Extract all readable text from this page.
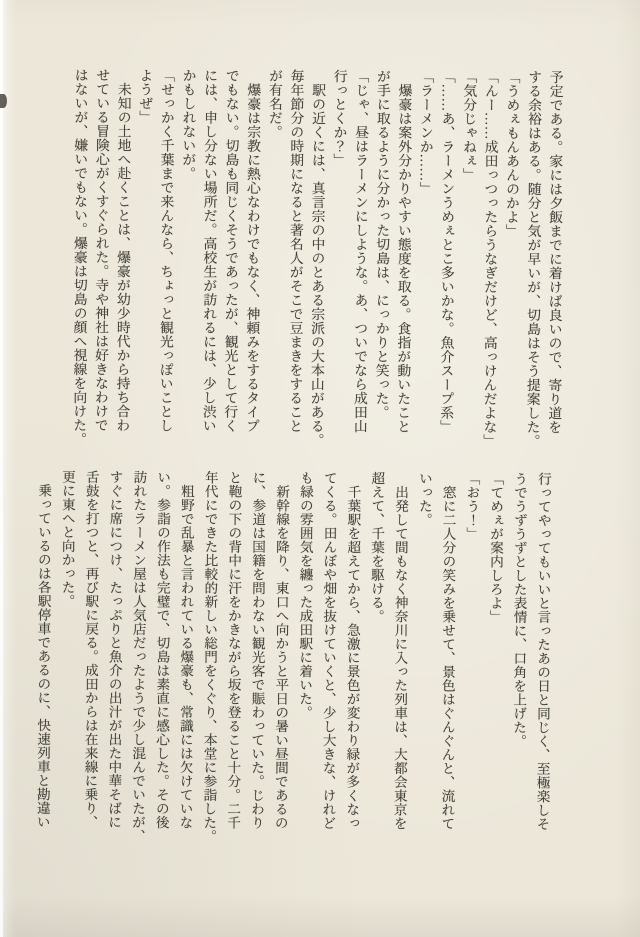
予定である。家には夕飯までに着けば良いので、寄り道を

する余裕はある。随分と気が早いが、切島はそう提案した。

「うめぇもんあんのかよ」

「んー……成田っつったらうなぎだけど、高っけんだよな」

「気分じゃねぇ」

「……あ、ラーメンうめぇとこ多いかな。魚介スープ系」

「ラーメンか……」

　爆豪は案外分かりやすい態度を取る。食指が動いたこと

が手に取るように分かった切島は、にっかりと笑った。

「じゃ、昼はラーメンにしような。あ、ついでなら成田山

行っとくか？」

　駅の近くには、真言宗の中のとある宗派の大本山がある。

毎年節分の時期になると著名人がそこで豆まきをすること

が有名だ。

　爆豪は宗教に熱心なわけでもなく、神頼みをするタイプ

でもない。切島も同じくそうであったが、観光として行く

には、申し分ない場所だ。高校生が訪れるには、少し渋い

かもしれないが。

「せっかく千葉まで来んなら、ちょっと観光っぽいことし

ようぜ」

　未知の土地へ赴くことは、爆豪が幼少時代から持ち合わ

せている冒険心がくすぐられた。寺や神社は好きなわけで

はないが、嫌いでもない。爆豪は切島の顔へ視線を向けた。

行ってやってもいいと言ったあの日と同じく、至極楽しそ

うでうずうずとした表情に、口角を上げた。

「てめぇが案内しろよ」

「おう！」

　窓に二人分の笑みを乗せて、景色はぐんぐんと、流れて

いった。

　出発して間もなく神奈川に入った列車は、大都会東京を

超えて、千葉を駆ける。

　千葉駅を超えてから、急激に景色が変わり緑が多くなっ

てくる。田んぼや畑を抜けていくと、少し大きな、けれど

も緑の雰囲気を纏った成田駅に着いた。

　新幹線を降り、東口へ向かうと平日の暑い昼間であるの

に、参道は国籍を問わない観光客で賑わっていた。じわり

と鞄の下の背中に汗をかきながら坂を登ること十分。二千

年代にできた比較的新しい総門をくぐり、本堂に参詣した。

　粗野で乱暴と言われている爆豪も、常識には欠けていな

い。参詣の作法も完璧で、切島は素直に感心した。その後

訪れたラーメン屋は人気店だったようで少し混んでいたが、

すぐに席につけ、たっぷりと魚介の出汁が出た中華そばに

舌鼓を打つと、再び駅に戻る。成田からは在来線に乗り、

更に東へと向かった。

　乗っているのは各駅停車であるのに、快速列車と勘違い
